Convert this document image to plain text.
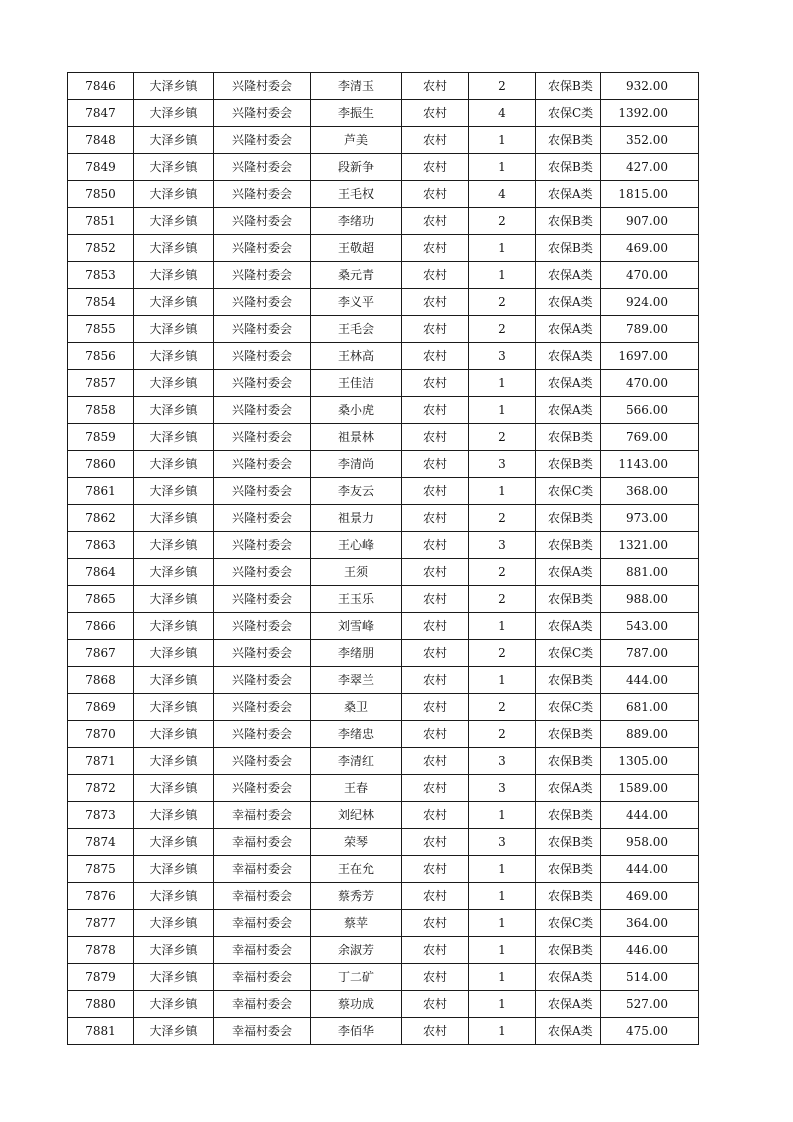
7846	大泽乡镇	兴隆村委会	李清玉	农村	2	农保B类	932.00
7847	大泽乡镇	兴隆村委会	李振生	农村	4	农保C类	1392.00
7848	大泽乡镇	兴隆村委会	芦美	农村	1	农保B类	352.00
7849	大泽乡镇	兴隆村委会	段新争	农村	1	农保B类	427.00
7850	大泽乡镇	兴隆村委会	王毛权	农村	4	农保A类	1815.00
7851	大泽乡镇	兴隆村委会	李绪功	农村	2	农保B类	907.00
7852	大泽乡镇	兴隆村委会	王敬超	农村	1	农保B类	469.00
7853	大泽乡镇	兴隆村委会	桑元青	农村	1	农保A类	470.00
7854	大泽乡镇	兴隆村委会	李义平	农村	2	农保A类	924.00
7855	大泽乡镇	兴隆村委会	王毛会	农村	2	农保A类	789.00
7856	大泽乡镇	兴隆村委会	王林高	农村	3	农保A类	1697.00
7857	大泽乡镇	兴隆村委会	王佳洁	农村	1	农保A类	470.00
7858	大泽乡镇	兴隆村委会	桑小虎	农村	1	农保A类	566.00
7859	大泽乡镇	兴隆村委会	祖景林	农村	2	农保B类	769.00
7860	大泽乡镇	兴隆村委会	李清尚	农村	3	农保B类	1143.00
7861	大泽乡镇	兴隆村委会	李友云	农村	1	农保C类	368.00
7862	大泽乡镇	兴隆村委会	祖景力	农村	2	农保B类	973.00
7863	大泽乡镇	兴隆村委会	王心峰	农村	3	农保B类	1321.00
7864	大泽乡镇	兴隆村委会	王须	农村	2	农保A类	881.00
7865	大泽乡镇	兴隆村委会	王玉乐	农村	2	农保B类	988.00
7866	大泽乡镇	兴隆村委会	刘雪峰	农村	1	农保A类	543.00
7867	大泽乡镇	兴隆村委会	李绪朋	农村	2	农保C类	787.00
7868	大泽乡镇	兴隆村委会	李翠兰	农村	1	农保B类	444.00
7869	大泽乡镇	兴隆村委会	桑卫	农村	2	农保C类	681.00
7870	大泽乡镇	兴隆村委会	李绪忠	农村	2	农保B类	889.00
7871	大泽乡镇	兴隆村委会	李清红	农村	3	农保B类	1305.00
7872	大泽乡镇	兴隆村委会	王春	农村	3	农保A类	1589.00
7873	大泽乡镇	幸福村委会	刘纪林	农村	1	农保B类	444.00
7874	大泽乡镇	幸福村委会	荣琴	农村	3	农保B类	958.00
7875	大泽乡镇	幸福村委会	王在允	农村	1	农保B类	444.00
7876	大泽乡镇	幸福村委会	蔡秀芳	农村	1	农保B类	469.00
7877	大泽乡镇	幸福村委会	蔡苹	农村	1	农保C类	364.00
7878	大泽乡镇	幸福村委会	余淑芳	农村	1	农保B类	446.00
7879	大泽乡镇	幸福村委会	丁二矿	农村	1	农保A类	514.00
7880	大泽乡镇	幸福村委会	蔡功成	农村	1	农保A类	527.00
7881	大泽乡镇	幸福村委会	李佰华	农村	1	农保A类	475.00
